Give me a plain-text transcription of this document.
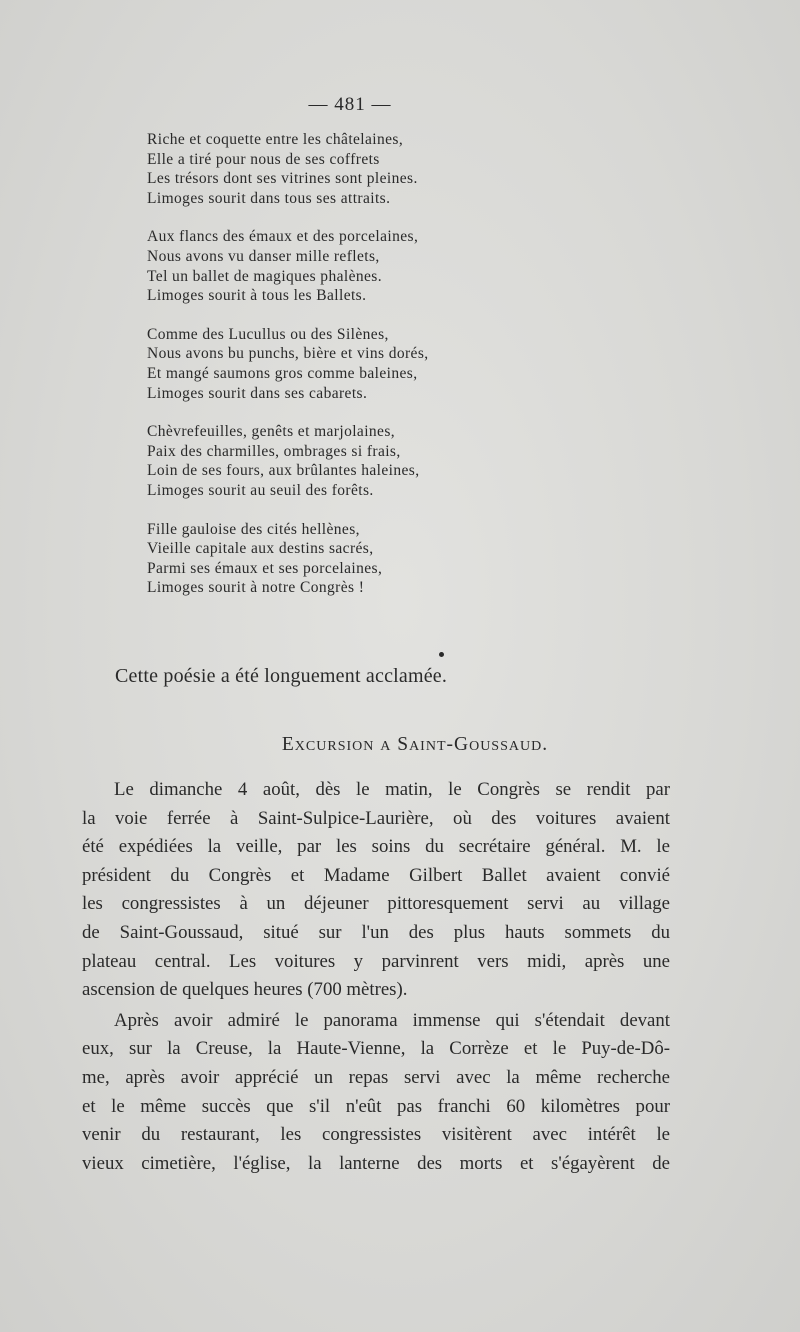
— 481 —
Riche et coquette entre les châtelaines,
Elle a tiré pour nous de ses coffrets
Les trésors dont ses vitrines sont pleines.
Limoges sourit dans tous ses attraits.
Aux flancs des émaux et des porcelaines,
Nous avons vu danser mille reflets,
Tel un ballet de magiques phalènes.
Limoges sourit à tous les Ballets.
Comme des Lucullus ou des Silènes,
Nous avons bu punchs, bière et vins dorés,
Et mangé saumons gros comme baleines,
Limoges sourit dans ses cabarets.
Chèvrefeuilles, genêts et marjolaines,
Paix des charmilles, ombrages si frais,
Loin de ses fours, aux brûlantes haleines,
Limoges sourit au seuil des forêts.
Fille gauloise des cités hellènes,
Vieille capitale aux destins sacrés,
Parmi ses émaux et ses porcelaines,
Limoges sourit à notre Congrès !
Cette poésie a été longuement acclamée.
Excursion a Saint-Goussaud.

Le dimanche 4 août, dès le matin, le Congrès se rendit par
la voie ferrée à Saint-Sulpice-Laurière, où des voitures avaient
été expédiées la veille, par les soins du secrétaire général. M. le
président du Congrès et Madame Gilbert Ballet avaient convié
les congressistes à un déjeuner pittoresquement servi au village
de Saint-Goussaud, situé sur l'un des plus hauts sommets du
plateau central. Les voitures y parvinrent vers midi, après une
ascension de quelques heures (700 mètres).

Après avoir admiré le panorama immense qui s'étendait devant
eux, sur la Creuse, la Haute-Vienne, la Corrèze et le Puy-de-Dô-
me, après avoir apprécié un repas servi avec la même recherche
et le même succès que s'il n'eût pas franchi 60 kilomètres pour
venir du restaurant, les congressistes visitèrent avec intérêt le
vieux cimetière, l'église, la lanterne des morts et s'égayèrent de
